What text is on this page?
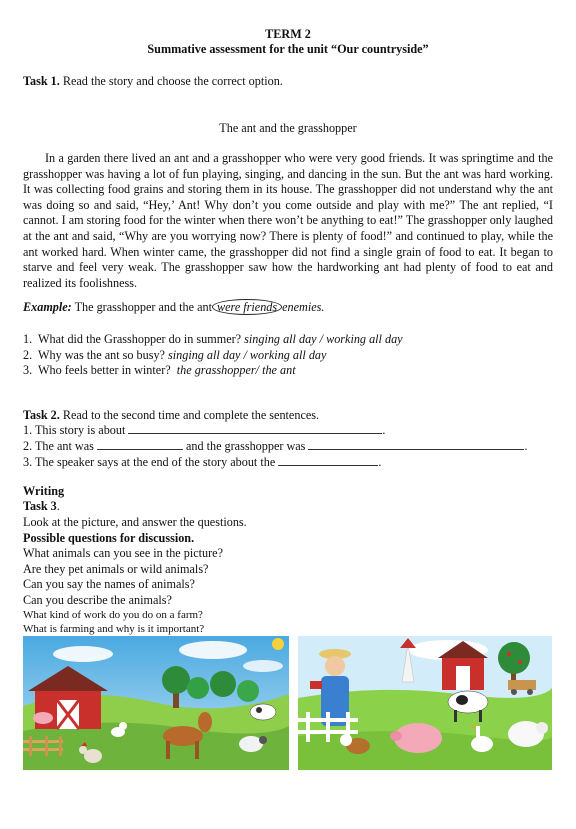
TERM 2
Summative assessment for the unit “Our countryside”
Task 1. Read the story and choose the correct option.
The ant and the grasshopper

In a garden there lived an ant and a grasshopper who were very good friends. It was springtime and the grasshopper was having a lot of fun playing, singing, and dancing in the sun. But the ant was hard working. It was collecting food grains and storing them in its house. The grasshopper did not understand why the ant was doing so and said, “Hey,’ Ant! Why don’t you come outside and play with me?” The ant replied, “I cannot. I am storing food for the winter when there won’t be anything to eat!” The grasshopper only laughed at the ant and said, “Why are you worrying now? There is plenty of food!” and continued to play, while the ant worked hard. When winter came, the grasshopper did not find a single grain of food to eat. It began to starve and feel very weak. The grasshopper saw how the hardworking ant had plenty of food to eat and realized its foolishness.

Example: The grasshopper and the ant were friends enemies.
1. What did the Grasshopper do in summer? singing all day / working all day
2. Why was the ant so busy? singing all day / working all day
3. Who feels better in winter? the grasshopper/ the ant
Task 2. Read to the second time and complete the sentences.
1. This story is about	.
2. The ant was	and the grasshopper was	.
3. The speaker says at the end of the story about the	.
Writing
Task 3.
Look at the picture, and answer the questions.
Possible questions for discussion.
What animals can you see in the picture?
Are they pet animals or wild animals?
Can you say the names of animals?
Can you describe the animals?
What kind of work do you do on a farm?
What is farming and why is it important?
